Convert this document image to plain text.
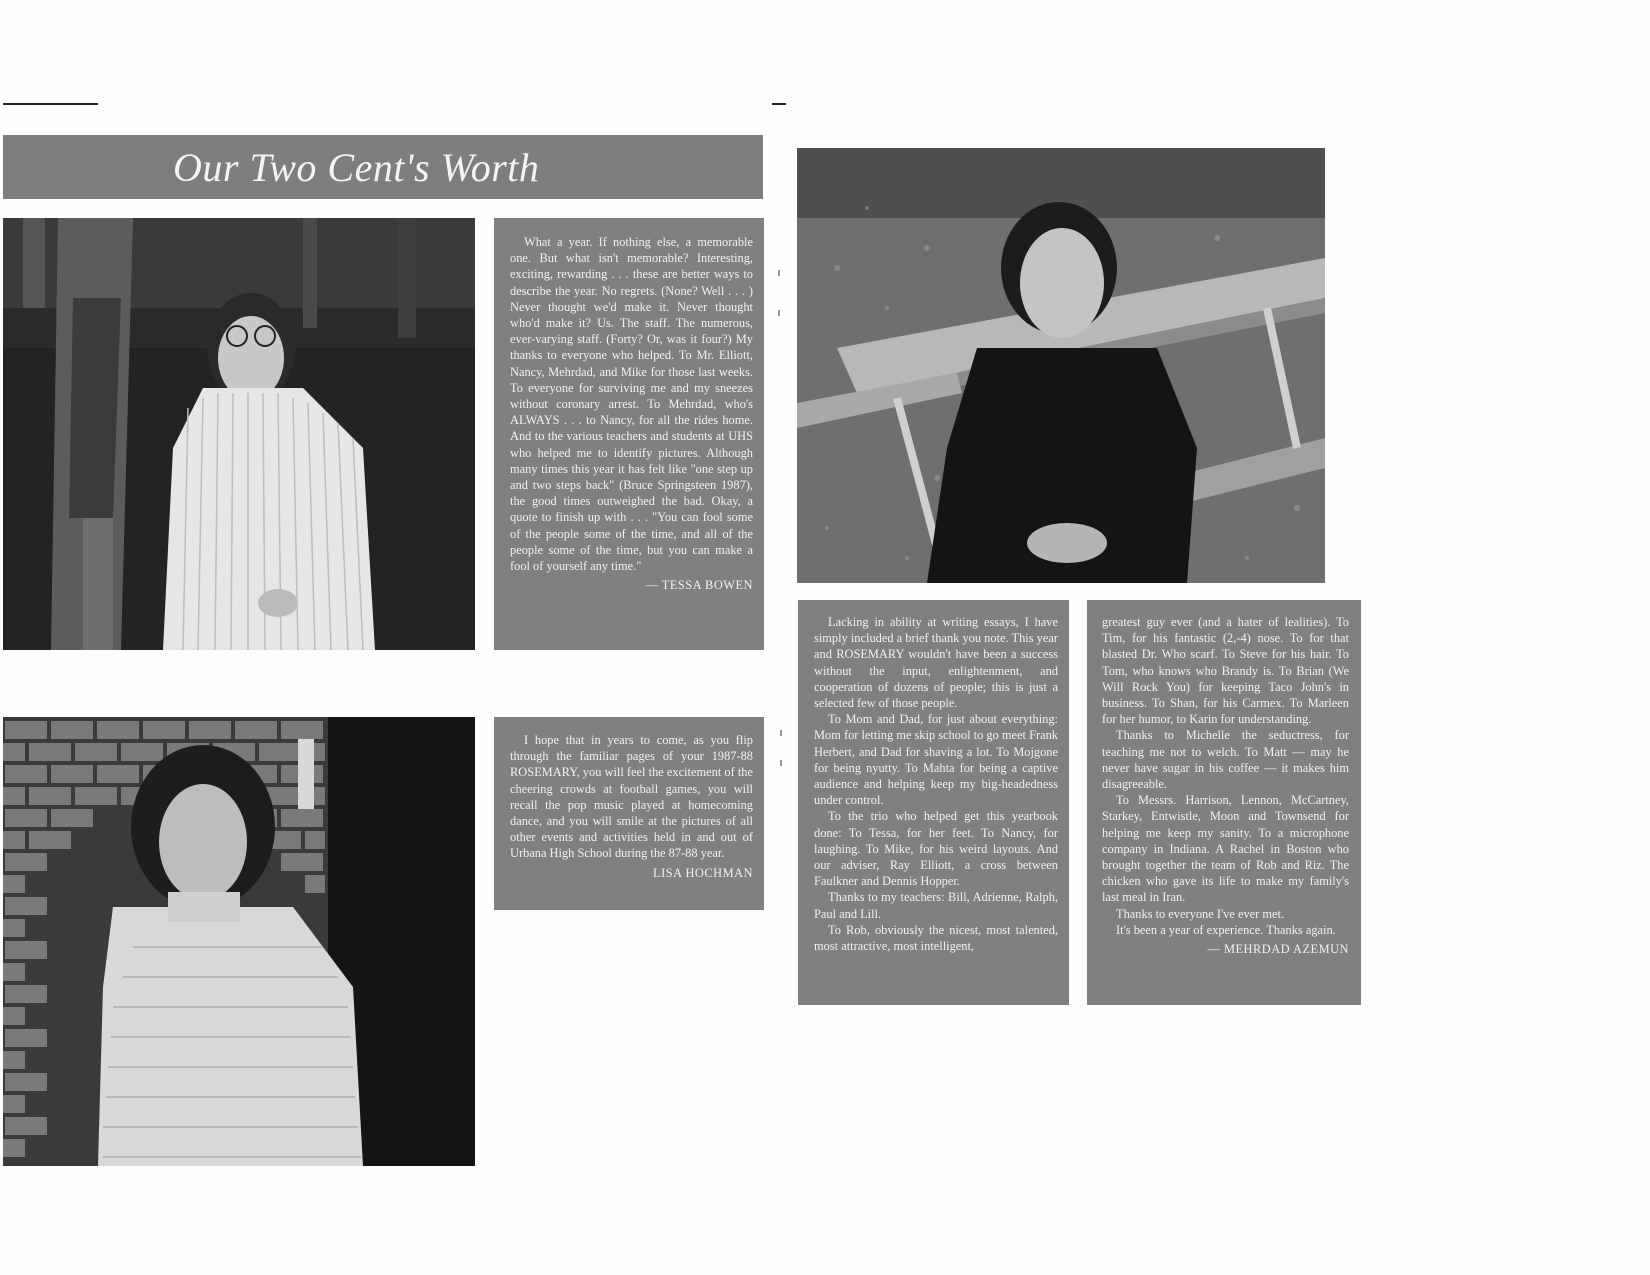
Our Two Cent's Worth

What a year. If nothing else, a memorable one. But what isn't memorable? Interesting, exciting, rewarding . . . these are better ways to describe the year. No regrets. (None? Well . . . ) Never thought we'd make it. Never thought who'd make it? Us. The staff. The numerous, ever-varying staff. (Forty? Or, was it four?) My thanks to everyone who helped. To Mr. Elliott, Nancy, Mehrdad, and Mike for those last weeks. To everyone for surviving me and my sneezes without coronary arrest. To Mehrdad, who's ALWAYS . . . to Nancy, for all the rides home. And to the various teachers and students at UHS who helped me to identify pictures. Although many times this year it has felt like "one step up and two steps back" (Bruce Springsteen 1987), the good times outweighed the bad. Okay, a quote to finish up with . . . "You can fool some of the people some of the time, and all of the people some of the time, but you can make a fool of yourself any time."

— TESSA BOWEN

I hope that in years to come, as you flip through the familiar pages of your 1987-88 ROSEMARY, you will feel the excitement of the cheering crowds at football games, you will recall the pop music played at homecoming dance, and you will smile at the pictures of all other events and activities held in and out of Urbana High School during the 87-88 year.

LISA HOCHMAN

Lacking in ability at writing essays, I have simply included a brief thank you note. This year and ROSEMARY wouldn't have been a success without the input, enlightenment, and cooperation of dozens of people; this is just a selected few of those people.

To Mom and Dad, for just about everything: Mom for letting me skip school to go meet Frank Herbert, and Dad for shaving a lot. To Mojgone for being nyutty. To Mahta for being a captive audience and helping keep my big-headedness under control.

To the trio who helped get this yearbook done: To Tessa, for her feet. To Nancy, for laughing. To Mike, for his weird layouts. And our adviser, Ray Elliott, a cross between Faulkner and Dennis Hopper.

Thanks to my teachers: Bill, Adrienne, Ralph, Paul and Lill.

To Rob, obviously the nicest, most talented, most attractive, most intelligent,

greatest guy ever (and a hater of lealities). To Tim, for his fantastic (2,-4) nose. To for that blasted Dr. Who scarf. To Steve for his hair. To Tom, who knows who Brandy is. To Brian (We Will Rock You) for keeping Taco John's in business. To Shan, for his Carmex. To Marleen for her humor, to Karin for understanding.

Thanks to Michelle the seductress, for teaching me not to welch. To Matt — may he never have sugar in his coffee — it makes him disagreeable.

To Messrs. Harrison, Lennon, McCartney, Starkey, Entwistle, Moon and Townsend for helping me keep my sanity. To a microphone company in Indiana. A Rachel in Boston who brought together the team of Rob and Riz. The chicken who gave its life to make my family's last meal in Iran.

Thanks to everyone I've ever met.

It's been a year of experience. Thanks again.

— MEHRDAD AZEMUN
